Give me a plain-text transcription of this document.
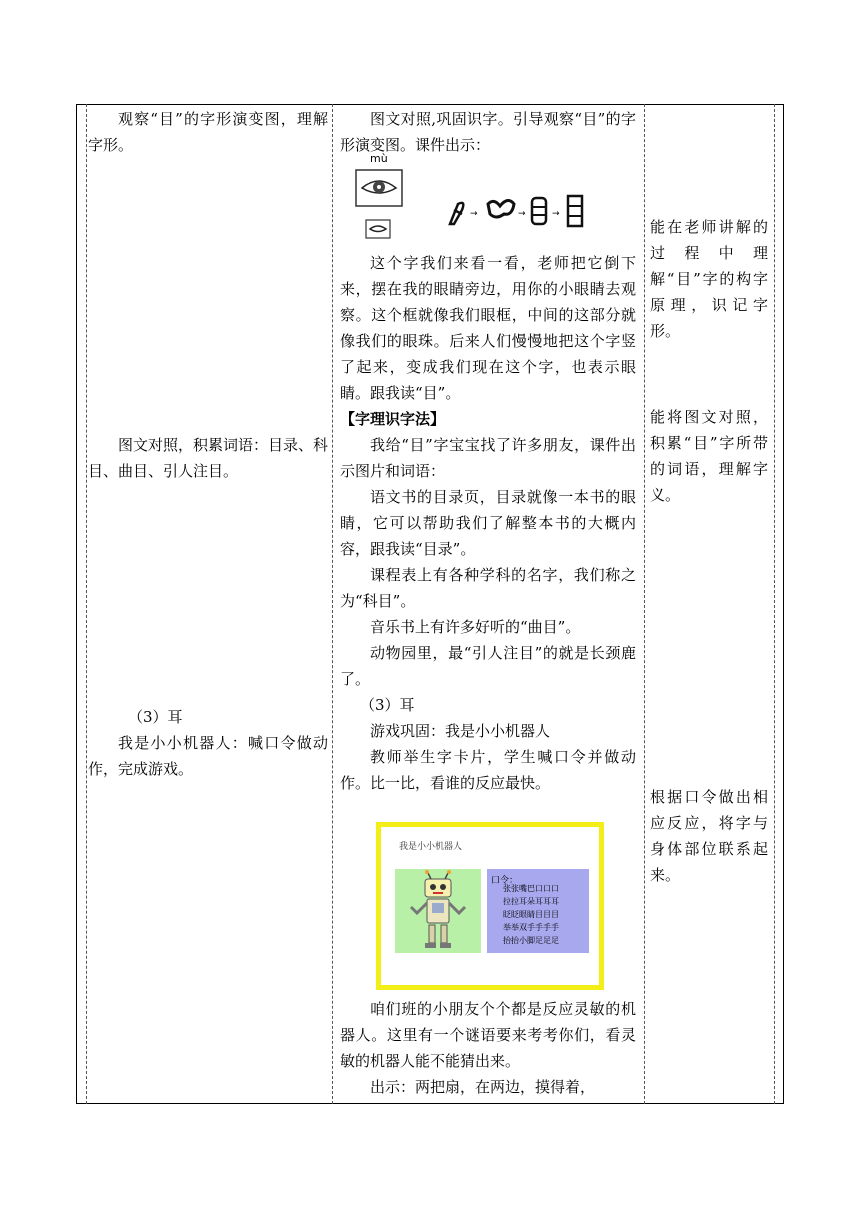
观察“目”的字形演变图，理解字形。

图文对照，积累词语：目录、科目、曲目、引人注目。

（3）耳

我是小小机器人：喊口令做动作，完成游戏。

图文对照,巩固识字。引导观察“目”的字形演变图。课件出示：

mù
→	→	→

这个字我们来看一看，老师把它倒下来，摆在我的眼睛旁边，用你的小眼睛去观察。这个框就像我们眼框，中间的这部分就像我们的眼珠。后来人们慢慢地把这个字竖了起来，变成我们现在这个字，也表示眼睛。跟我读“目”。

【字理识字法】

我给“目”字宝宝找了许多朋友，课件出示图片和词语：

语文书的目录页，目录就像一本书的眼睛，它可以帮助我们了解整本书的大概内容，跟我读“目录”。

课程表上有各种学科的名字，我们称之为“科目”。

音乐书上有许多好听的“曲目”。

动物园里，最“引人注目”的就是长颈鹿了。

（3）耳

游戏巩固：我是小小机器人

教师举生字卡片，学生喊口令并做动作。比一比，看谁的反应最快。

我是小小机器人
口令：
张张嘴巴口口口
拉拉耳朵耳耳耳
眨眨眼睛目目目
举举双手手手手
抬抬小脚足足足

咱们班的小朋友个个都是反应灵敏的机器人。这里有一个谜语要来考考你们，看灵敏的机器人能不能猜出来。

出示：两把扇，在两边，摸得着，

能在老师讲解的过程中理解“目”字的构字原理，识记字形。

能将图文对照，积累“目”字所带的词语，理解字义。

根据口令做出相应反应，将字与身体部位联系起来。
